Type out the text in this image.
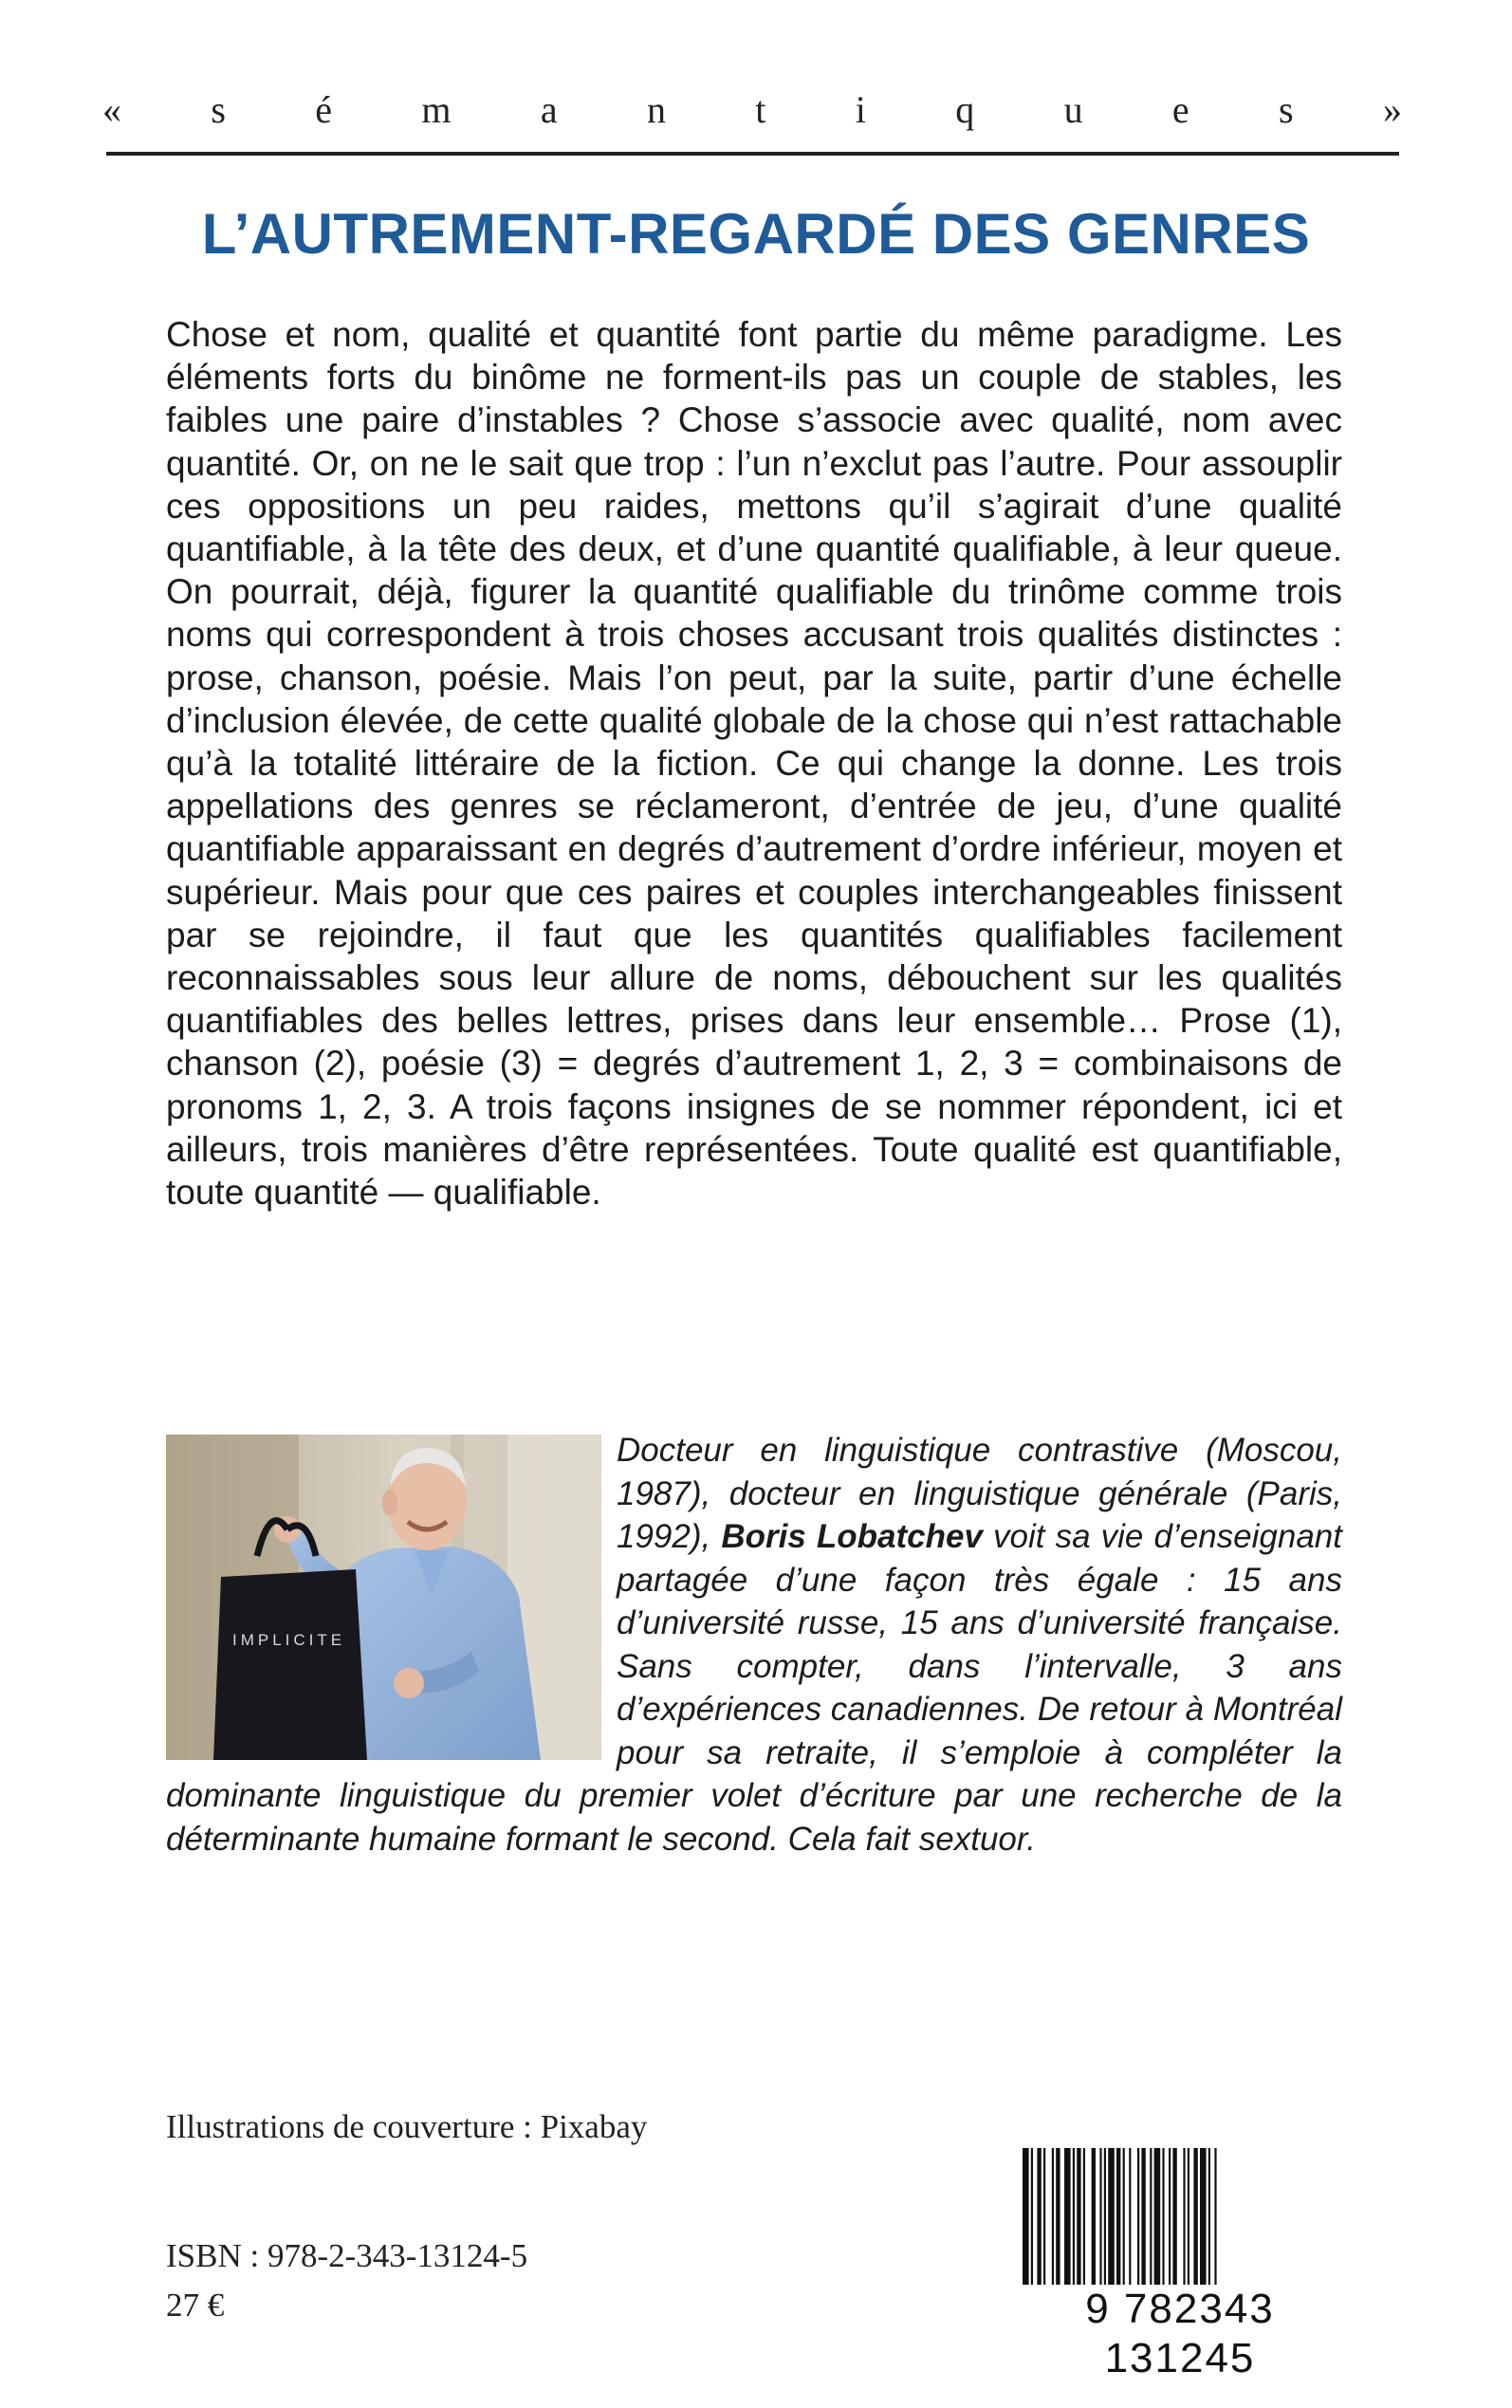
« s é m a n t i q u e s »
L’AUTREMENT-REGARDÉ DES GENRES
Chose et nom, qualité et quantité font partie du même paradigme. Les éléments forts du binôme ne forment-ils pas un couple de stables, les faibles une paire d’instables ? Chose s’associe avec qualité, nom avec quantité. Or, on ne le sait que trop : l’un n’exclut pas l’autre. Pour assouplir ces oppositions un peu raides, mettons qu’il s’agirait d’une qualité quantifiable, à la tête des deux, et d’une quantité qualifiable, à leur queue. On pourrait, déjà, figurer la quantité qualifiable du trinôme comme trois noms qui correspondent à trois choses accusant trois qualités distinctes : prose, chanson, poésie. Mais l’on peut, par la suite, partir d’une échelle d’inclusion élevée, de cette qualité globale de la chose qui n’est rattachable qu’à la totalité littéraire de la fiction. Ce qui change la donne. Les trois appellations des genres se réclameront, d’entrée de jeu, d’une qualité quantifiable apparaissant en degrés d’autrement d’ordre inférieur, moyen et supérieur. Mais pour que ces paires et couples interchangeables finissent par se rejoindre, il faut que les quantités qualifiables facilement reconnaissables sous leur allure de noms, débouchent sur les qualités quantifiables des belles lettres, prises dans leur ensemble… Prose (1), chanson (2), poésie (3) = degrés d’autrement 1, 2, 3 = combinaisons de pronoms 1, 2, 3. A trois façons insignes de se nommer répondent, ici et ailleurs, trois manières d’être représentées. Toute qualité est quantifiable, toute quantité — qualifiable.
IMPLICITE
Docteur en linguistique contrastive (Moscou, 1987), docteur en linguistique générale (Paris, 1992), Boris Lobatchev voit sa vie d’enseignant partagée d’une façon très égale : 15 ans d’université russe, 15 ans d’université française. Sans compter, dans l’intervalle, 3 ans d’expériences canadiennes. De retour à Montréal pour sa retraite, il s’emploie à compléter la dominante linguistique du premier volet d’écriture par une recherche de la déterminante humaine formant le second. Cela fait sextuor.
Illustrations de couverture : Pixabay
ISBN : 978-2-343-13124-5
27 €	9 782343 131245
